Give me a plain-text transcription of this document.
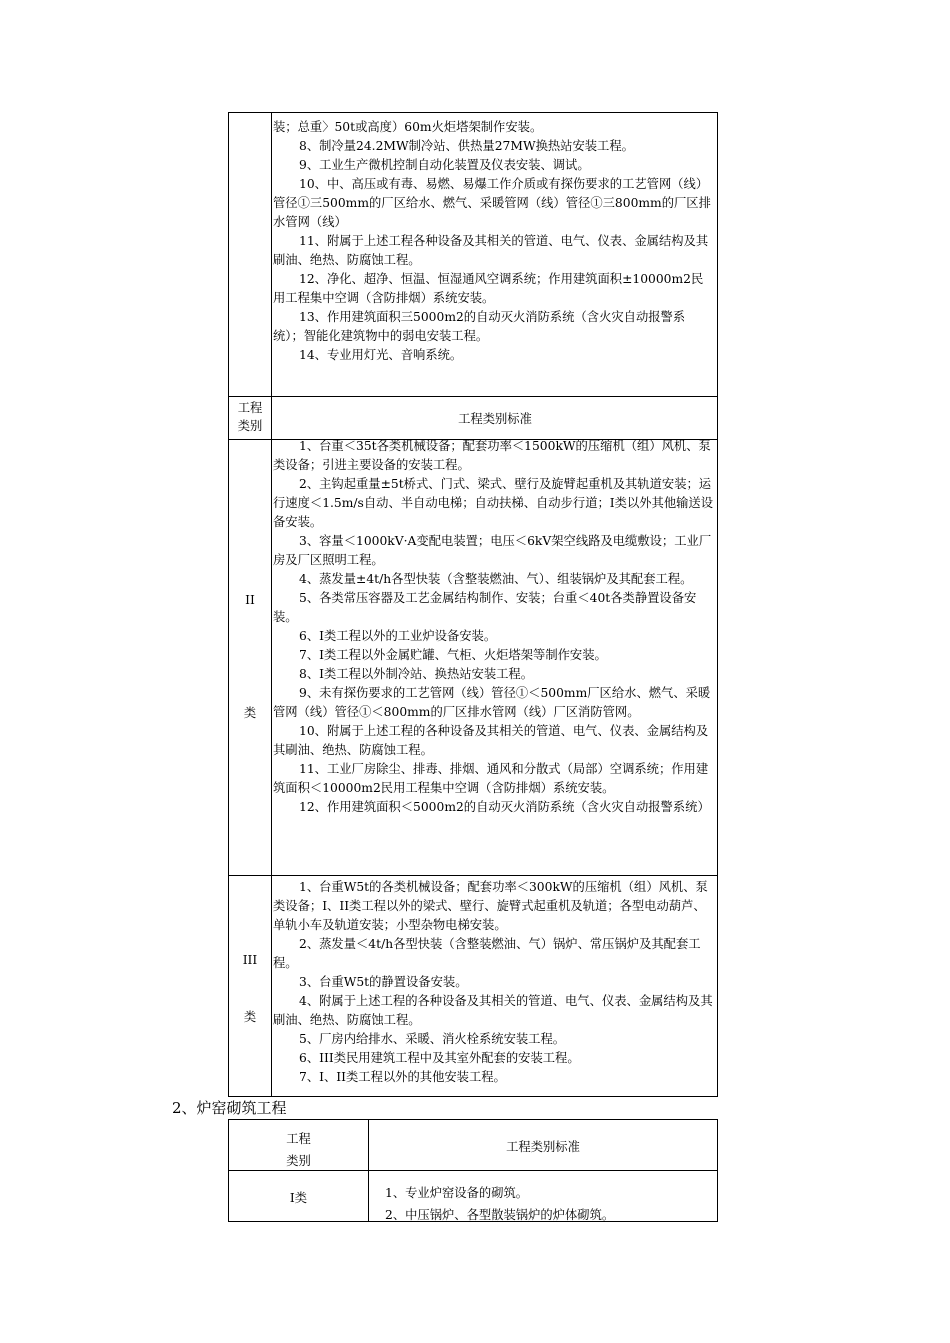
装；总重〉50t或高度）60m火炬塔架制作安装。

8、制冷量24.2MW制冷站、供热量27MW换热站安装工程。

9、工业生产微机控制自动化装置及仪表安装、调试。

10、中、高压或有毒、易燃、易爆工作介质或有探伤要求的工艺管网（线）管径①三500mm的厂区给水、燃气、采暖管网（线）管径①三800mm的厂区排水管网（线）

11、附属于上述工程各种设备及其相关的管道、电气、仪表、金属结构及其刷油、绝热、防腐蚀工程。

12、净化、超净、恒温、恒湿通风空调系统；作用建筑面积±10000m2民用工程集中空调（含防排烟）系统安装。

13、作用建筑面积三5000m2的自动灭火消防系统（含火灾自动报警系统）；智能化建筑物中的弱电安装工程。

14、专业用灯光、音响系统。

工程
类别	工程类别标准
II
类

1、台重＜35t各类机械设备；配套功率＜1500kW的压缩机（组）风机、泵类设备；引进主要设备的安装工程。

2、主钩起重量±5t桥式、门式、梁式、壁行及旋臂起重机及其轨道安装；运行速度＜1.5m/s自动、半自动电梯；自动扶梯、自动步行道；I类以外其他输送设备安装。

3、容量＜1000kV·A变配电装置；电压＜6kV架空线路及电缆敷设；工业厂房及厂区照明工程。

4、蒸发量±4t/h各型快装（含整装燃油、气）、组装锅炉及其配套工程。

5、各类常压容器及工艺金属结构制作、安装；台重＜40t各类静置设备安装。

6、I类工程以外的工业炉设备安装。

7、I类工程以外金属贮罐、气柜、火炬塔架等制作安装。

8、I类工程以外制冷站、换热站安装工程。

9、未有探伤要求的工艺管网（线）管径①＜500mm厂区给水、燃气、采暖管网（线）管径①＜800mm的厂区排水管网（线）厂区消防管网。

10、附属于上述工程的各种设备及其相关的管道、电气、仪表、金属结构及其刷油、绝热、防腐蚀工程。

11、工业厂房除尘、排毒、排烟、通风和分散式（局部）空调系统；作用建筑面积＜10000m2民用工程集中空调（含防排烟）系统安装。

12、作用建筑面积＜5000m2的自动灭火消防系统（含火灾自动报警系统）

III
类

1、台重W5t的各类机械设备；配套功率＜300kW的压缩机（组）风机、泵类设备；I、II类工程以外的梁式、壁行、旋臂式起重机及轨道；各型电动葫芦、单轨小车及轨道安装；小型杂物电梯安装。

2、蒸发量＜4t/h各型快装（含整装燃油、气）锅炉、常压锅炉及其配套工程。

3、台重W5t的静置设备安装。

4、附属于上述工程的各种设备及其相关的管道、电气、仪表、金属结构及其刷油、绝热、防腐蚀工程。

5、厂房内给排水、采暖、消火栓系统安装工程。

6、III类民用建筑工程中及其室外配套的安装工程。

7、I、II类工程以外的其他安装工程。

2、炉窑砌筑工程
工程
类别
工程类别标准
I类	1、专业炉窑设备的砌筑。
2、中压锅炉、各型散装锅炉的炉体砌筑。
